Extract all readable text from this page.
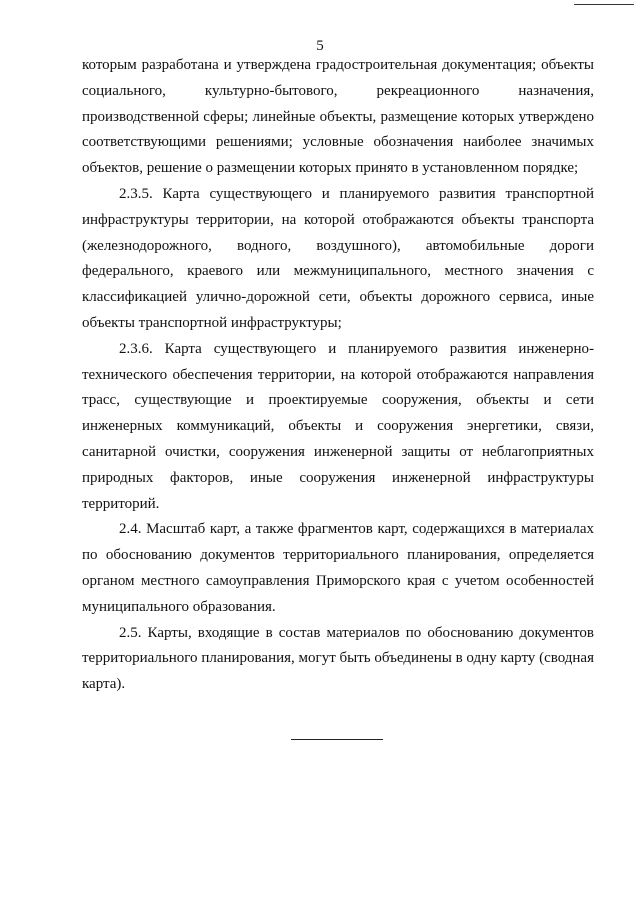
5

которым разработана и утверждена градостроительная документация; объекты социального, культурно-бытового, рекреационного назначения, производственной сферы; линейные объекты, размещение которых утверждено соответствующими решениями; условные обозначения наиболее значимых объектов, решение о размещении которых принято в установленном порядке;

2.3.5. Карта существующего и планируемого развития транспортной инфраструктуры территории, на которой отображаются объекты транспорта (железнодорожного, водного, воздушного), автомобильные дороги федерального, краевого или межмуниципального, местного значения с классификацией улично-дорожной сети, объекты дорожного сервиса, иные объекты транспортной инфраструктуры;

2.3.6. Карта существующего и планируемого развития инженерно-технического обеспечения территории, на которой отображаются направления трасс, существующие и проектируемые сооружения, объекты и сети инженерных коммуникаций, объекты и сооружения энергетики, связи, санитарной очистки, сооружения инженерной защиты от неблагоприятных природных факторов, иные сооружения инженерной инфраструктуры территорий.

2.4. Масштаб карт, а также фрагментов карт, содержащихся в материалах по обоснованию документов территориального планирования, определяется органом местного самоуправления Приморского края с учетом особенностей муниципального образования.

2.5. Карты, входящие в состав материалов по обоснованию документов территориального планирования, могут быть объединены в одну карту (сводная карта).
